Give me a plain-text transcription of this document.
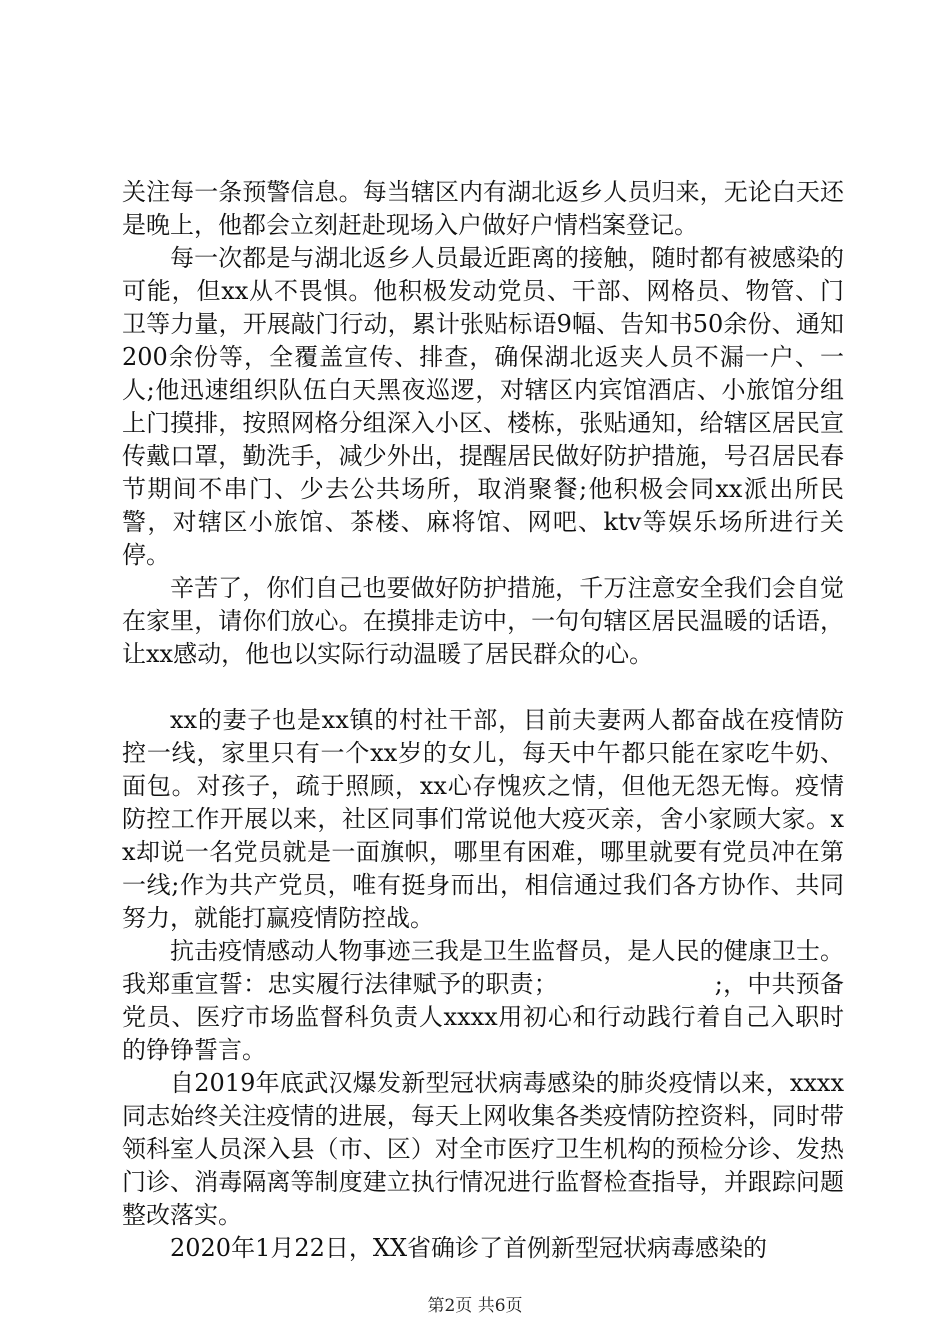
关注每一条预警信息。每当辖区内有湖北返乡人员归来，无论白天还是晚上，他都会立刻赶赴现场入户做好户情档案登记。

每一次都是与湖北返乡人员最近距离的接触，随时都有被感染的可能，但xx从不畏惧。他积极发动党员、干部、网格员、物管、门卫等力量，开展敲门行动，累计张贴标语9幅、告知书50余份、通知200余份等，全覆盖宣传、排查，确保湖北返夹人员不漏一户、一人;他迅速组织队伍白天黑夜巡逻，对辖区内宾馆酒店、小旅馆分组上门摸排，按照网格分组深入小区、楼栋，张贴通知，给辖区居民宣传戴口罩，勤洗手，减少外出，提醒居民做好防护措施，号召居民春节期间不串门、少去公共场所，取消聚餐;他积极会同xx派出所民警，对辖区小旅馆、茶楼、麻将馆、网吧、ktv等娱乐场所进行关停。

辛苦了，你们自己也要做好防护措施，千万注意安全我们会自觉在家里，请你们放心。在摸排走访中，一句句辖区居民温暖的话语，让xx感动，他也以实际行动温暖了居民群众的心。

xx的妻子也是xx镇的村社干部，目前夫妻两人都奋战在疫情防控一线，家里只有一个xx岁的女儿，每天中午都只能在家吃牛奶、面包。对孩子，疏于照顾，xx心存愧疚之情，但他无怨无悔。疫情防控工作开展以来，社区同事们常说他大疫灭亲，舍小家顾大家。xx却说一名党员就是一面旗帜，哪里有困难，哪里就要有党员冲在第一线;作为共产党员，唯有挺身而出，相信通过我们各方协作、共同努力，就能打赢疫情防控战。

抗击疫情感动人物事迹三我是卫生监督员，是人民的健康卫士。我郑重宣誓：忠实履行法律赋予的职责；                    ;，中共预备党员、医疗市场监督科负责人xxxx用初心和行动践行着自己入职时的铮铮誓言。

自2019年底武汉爆发新型冠状病毒感染的肺炎疫情以来，xxxx同志始终关注疫情的进展，每天上网收集各类疫情防控资料，同时带领科室人员深入县（市、区）对全市医疗卫生机构的预检分诊、发热门诊、消毒隔离等制度建立执行情况进行监督检查指导，并跟踪问题整改落实。

2020年1月22日，XX省确诊了首例新型冠状病毒感染的

第2页 共6页
